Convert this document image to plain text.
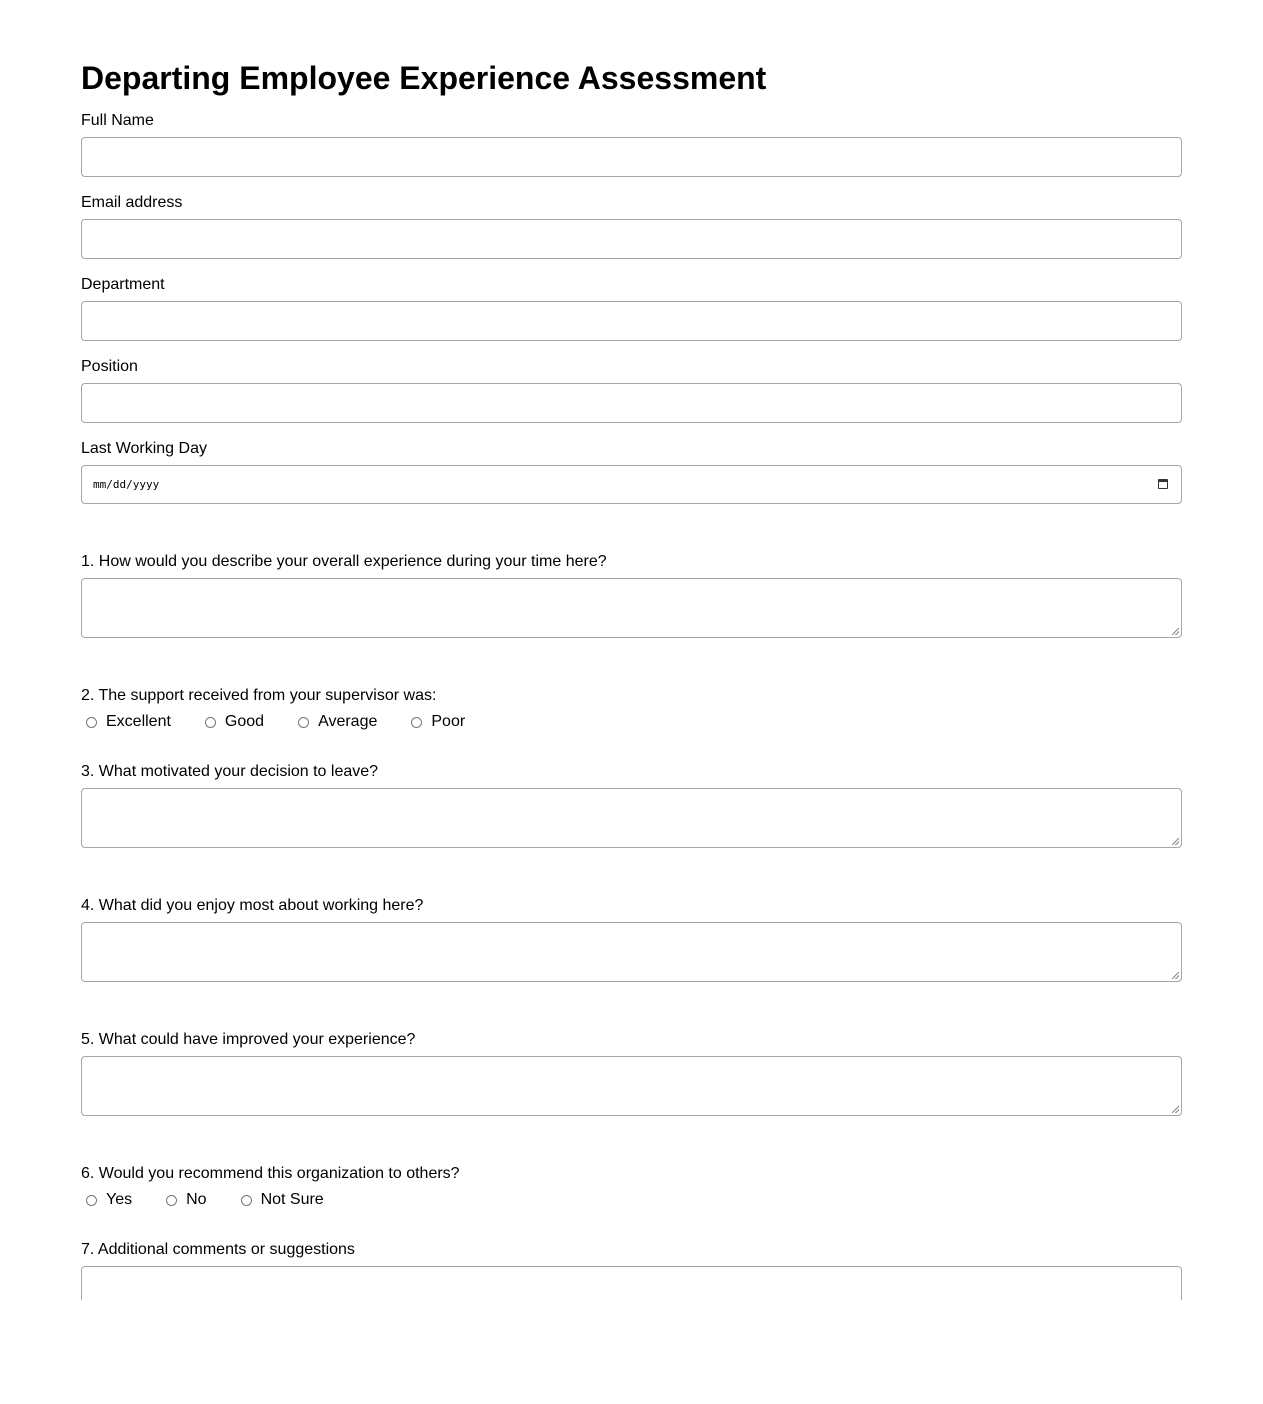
Departing Employee Experience Assessment
Full Name
Email address
Department
Position
Last Working Day
mm/dd/yyyy
1. How would you describe your overall experience during your time here?
2. The support received from your supervisor was:
Excellent	Good	Average	Poor
3. What motivated your decision to leave?
4. What did you enjoy most about working here?
5. What could have improved your experience?
6. Would you recommend this organization to others?
Yes	No	Not Sure
7. Additional comments or suggestions
